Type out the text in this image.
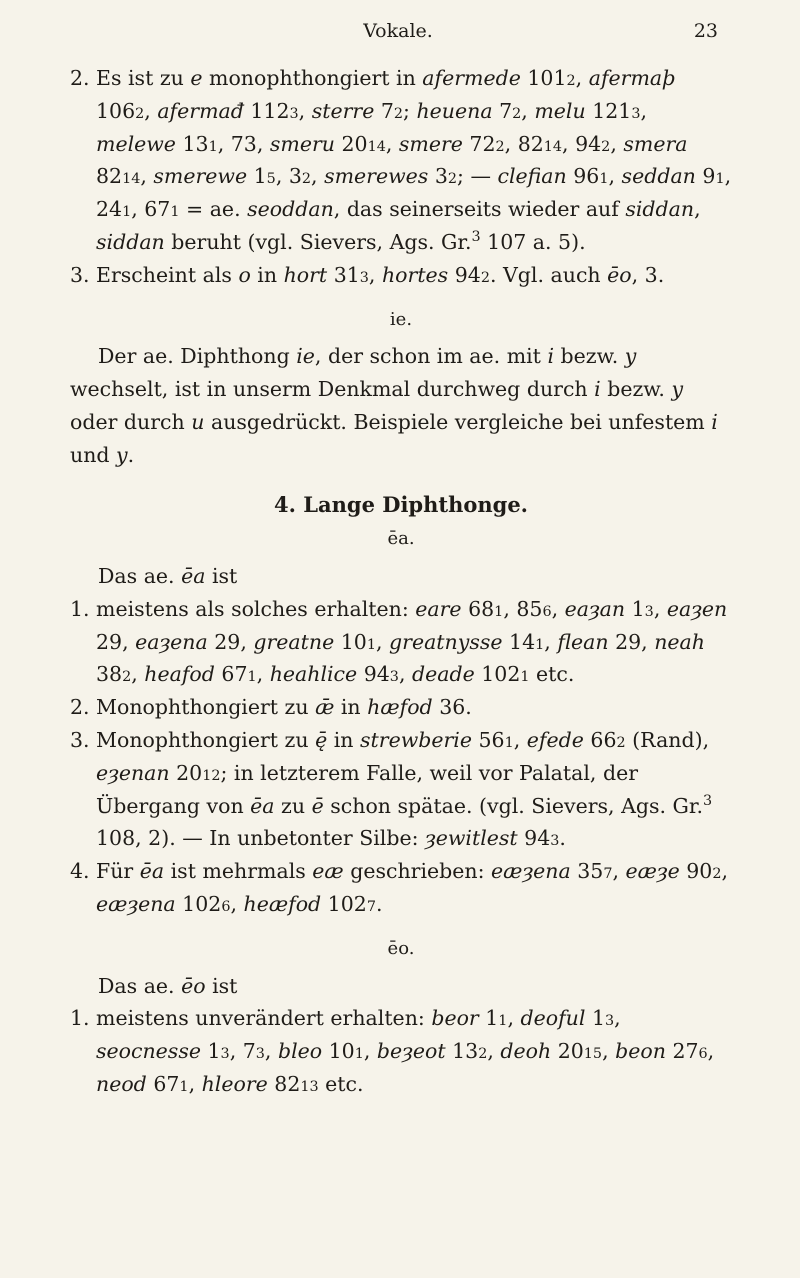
Vokale.	23
2. Es ist zu e monophthongiert in afermede 1012, afermaþ 1062, afermađ 1123, sterre 72; heuena 72, melu 1213, melewe 131, 73, smeru 2014, smere 722, 8214, 942, smera 8214, smerewe 15, 32, smerewes 32; — clefian 961, seddan 91, 241, 671 = ae. seoddan, das seinerseits wieder auf siddan, siddan beruht (vgl. Sievers, Ags. Gr.$^3$ 107 a. 5).
3. Erscheint als o in hort 313, hortes 942. Vgl. auch ēo, 3.
ie.
Der ae. Diphthong ie, der schon im ae. mit i bezw. y wechselt, ist in unserm Denkmal durchweg durch i bezw. y oder durch u ausgedrückt. Beispiele vergleiche bei unfestem i und y.
4. Lange Diphthonge.
ēa.
Das ae. ēa ist
1. meistens als solches erhalten: eare 681, 856, eaȝan 13, eaȝen 29, eaȝena 29, greatne 101, greatnysse 141, flean 29, neah 382, heafod 671, heahlice 943, deade 1021 etc.
2. Monophthongiert zu ǣ in hæfod 36.
3. Monophthongiert zu ę̄ in strewberie 561, efede 662 (Rand), eȝenan 2012; in letzterem Falle, weil vor Palatal, der Übergang von ēa zu ē schon spätae. (vgl. Sievers, Ags. Gr.$^3$ 108, 2). — In unbetonter Silbe: ȝewitlest 943.
4. Für ēa ist mehrmals eæ geschrieben: eæȝena 357, eæȝe 902, eæȝena 1026, heæfod 1027.
ēo.
Das ae. ēo ist
1. meistens unverändert erhalten: beor 11, deoful 13, seocnesse 13, 73, bleo 101, beȝeot 132, deoh 2015, beon 276, neod 671, hleore 8213 etc.
